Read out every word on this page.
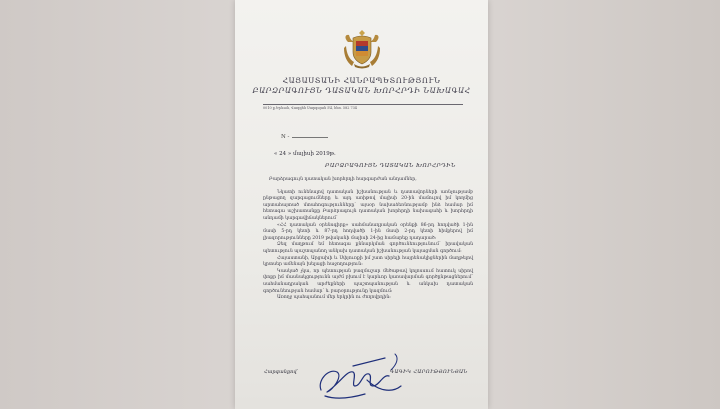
ՀԱՅԱՍՏԱՆԻ ՀԱՆՐԱՊԵՏՈՒԹՅՈՒՆ
ԲԱՐՁՐԱԳՈՒՅՆ ԴԱՏԱԿԱՆ ԽՈՐՀՐԴԻ ՆԱԽԱԳԱՀ
0010 ք.Երևան, Վազգեն Սարգսյան 5Ա, հեռ. 582 734
N -
« 24 » մայիսի 2019թ.
ԲԱՐՁՐԱԳՈՒՅՆ ԴԱՏԱԿԱՆ ԽՈՐՀՐԴԻՆ

Բարձրագույն դատական խորհրդի հարգարժան անդամներ,

Նկատի ունենալով դատական իշխանության և դատավորների առնչությամբ ընթացող զարգացումները և այդ առիթով մայիսի 20-ին մամուլով իմ կողմից արտահայտած մտահոգությունները՝ այսօր նախաձեռնությամբ ինձ համար իմ հետագա աշխատանքը Բարձրագույն դատական խորհրդի նախագահի և խորհրդի անդամի կարգավիճակներում՝

«ՀՀ դատական օրենսգիրք» սահմանադրական օրենքի 86-րդ հոդվածի 1-ին մասի 5-րդ կետի և 87-րդ հոդվածի 1-ին մասի 2-րդ կետի հիմքերով իմ լիազորությունները 2019 թվականի մայիսի 24-ից համարեք դադարած:

Ձեզ մաղթում եմ հետագա քննարկման գործունեությունում՝ իրավական պետություն պաշտպանող անկախ դատական իշխանության կայացման գործում:

Հայաստանի, Արցախի և Սփյուռքի իմ շատ սիրելի հայրենակիցներին մաղթելով կրտսեր ամենայն խելացի հաջողություն:

Կասկած չկա, որ պետության բազմաշար մեծաթավ կոլոսսում հատուկ սիրով փոքր իմ մասնակցությունն այժմ բխում է կարևոր կառավարման գործընթացներում՝ սահմանադրական արժեքների պաշտպանության և անկախ դատական գործունեության համար՝ և բարօրությունը կազմում:

Առողջ պահպանում մեր երկրին ու ժողովրդին:

Հարգանքով՝	ԳԱԳԻԿ ՀԱՐՈՒԹՅՈՒՆՅԱՆ
